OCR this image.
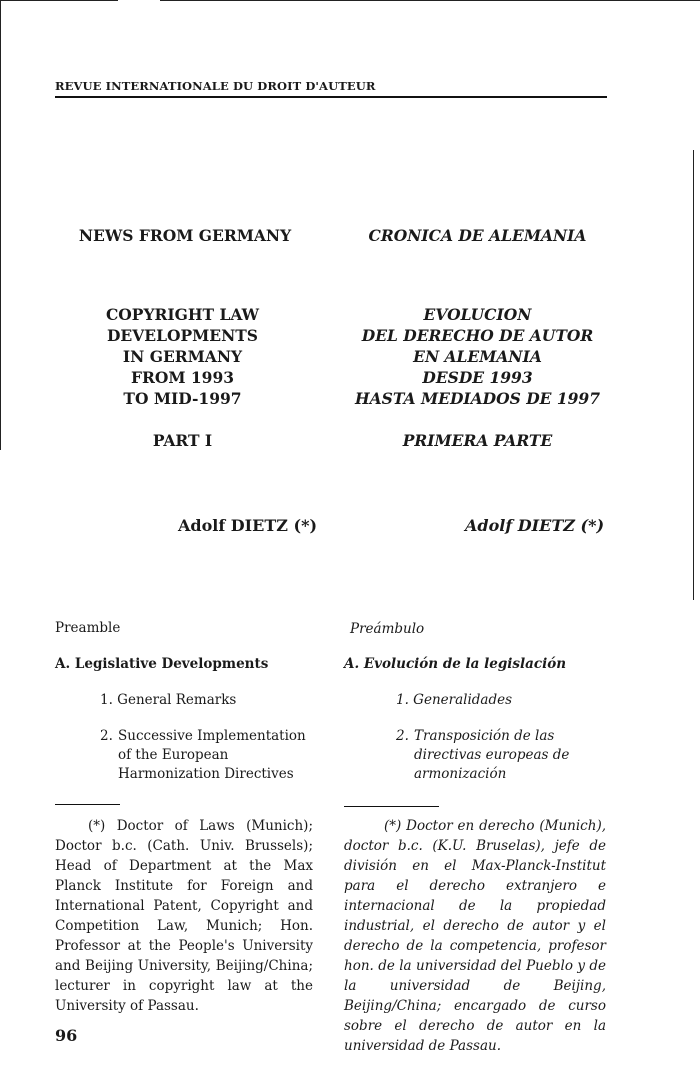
REVUE INTERNATIONALE DU DROIT D'AUTEUR
NEWS FROM GERMANY	CRONICA DE ALEMANIA
COPYRIGHT LAW
DEVELOPMENTS
IN GERMANY
FROM 1993
TO MID-1997
EVOLUCION
DEL DERECHO DE AUTOR
EN ALEMANIA
DESDE 1993
HASTA MEDIADOS DE 1997
PART I	PRIMERA PARTE
Adolf DIETZ (*)	Adolf DIETZ (*)
Preamble
A. Legislative Developments
1. General Remarks
2. Successive Implementation of the European Harmonization Directives
Preámbulo
A. Evolución de la legislación
1. Generalidades
2. Transposición de las directivas europeas de armonización
(*) Doctor of Laws (Munich); Doctor b.c. (Cath. Univ. Brussels); Head of Department at the Max Planck Institute for Foreign and International Patent, Copyright and Competition Law, Munich; Hon. Professor at the People's University and Beijing University, Beijing/China; lecturer in copyright law at the University of Passau.
(*) Doctor en derecho (Munich), doctor b.c. (K.U. Bruselas), jefe de división en el Max-Planck-Institut para el derecho extranjero e internacional de la propiedad industrial, el derecho de autor y el derecho de la competencia, profesor hon. de la universidad del Pueblo y de la universidad de Beijing, Beijing/China; encargado de curso sobre el derecho de autor en la universidad de Passau.
96
